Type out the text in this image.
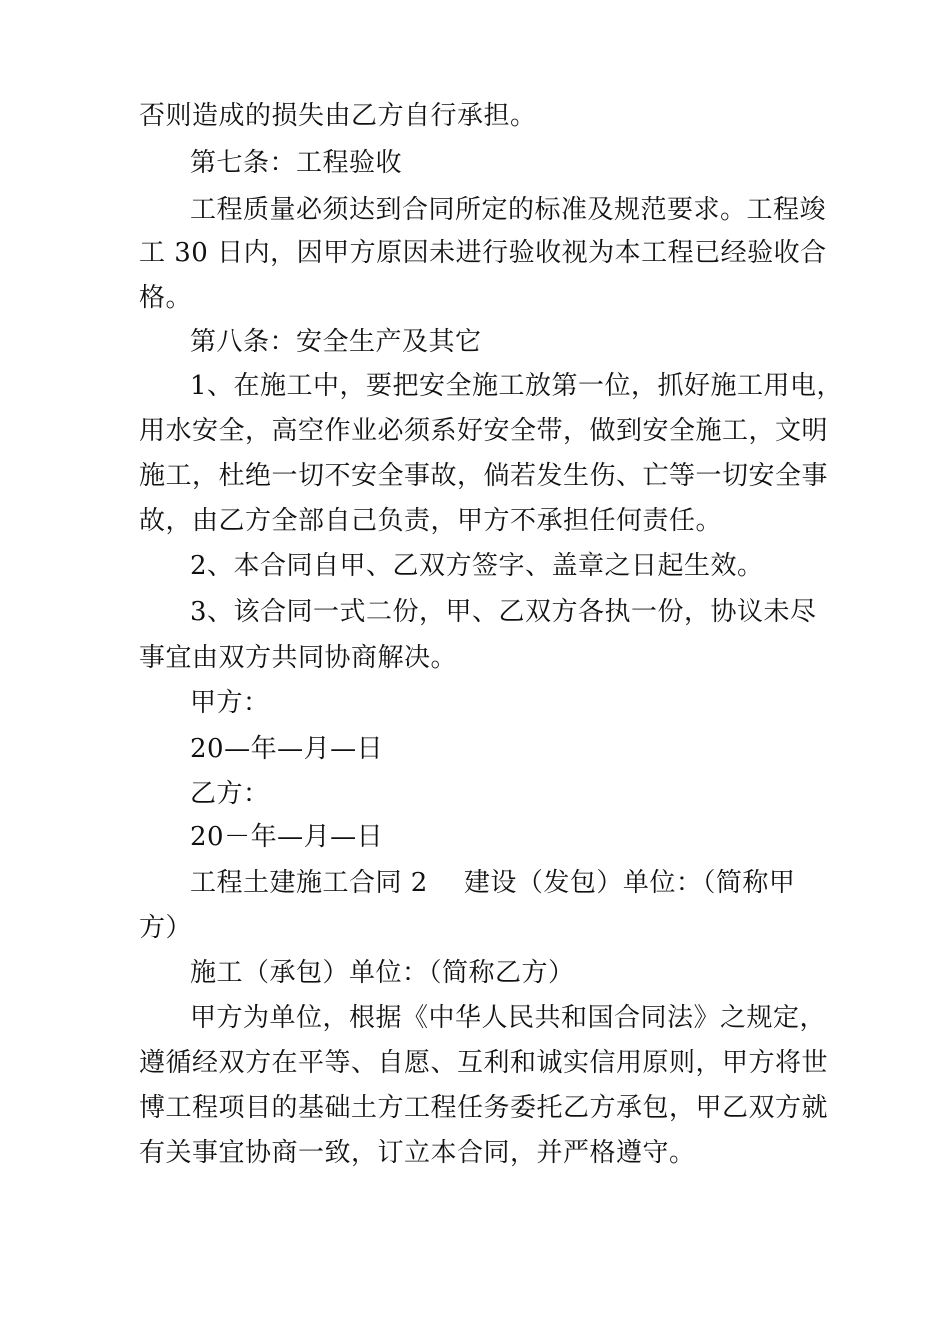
否则造成的损失由乙方自行承担。
第七条：工程验收
工程质量必须达到合同所定的标准及规范要求。工程竣
工 30 日内，因甲方原因未进行验收视为本工程已经验收合
格。
第八条：安全生产及其它
1、在施工中，要把安全施工放第一位，抓好施工用电，
用水安全，高空作业必须系好安全带，做到安全施工，文明
施工，杜绝一切不安全事故，倘若发生伤、亡等一切安全事
故，由乙方全部自己负责，甲方不承担任何责任。
2、本合同自甲、乙双方签字、盖章之日起生效。
3、该合同一式二份，甲、乙双方各执一份，协议未尽
事宜由双方共同协商解决。
甲方：
20—年—月—日
乙方：
20－年—月—日
工程土建施工合同 2 建设（发包）单位：（简称甲
方）
施工（承包）单位：（简称乙方）
甲方为单位，根据《中华人民共和国合同法》之规定，
遵循经双方在平等、自愿、互利和诚实信用原则，甲方将世
博工程项目的基础土方工程任务委托乙方承包，甲乙双方就
有关事宜协商一致，订立本合同，并严格遵守。
